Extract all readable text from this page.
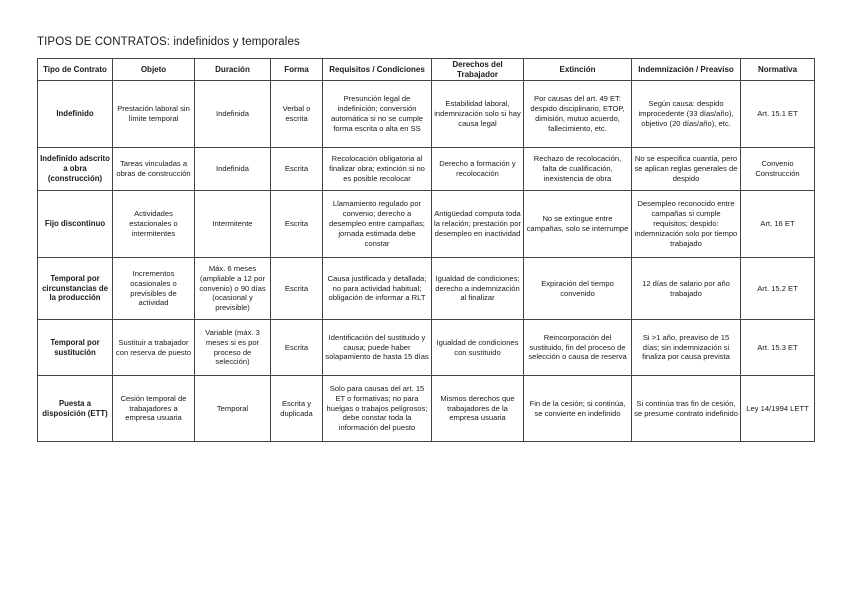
TIPOS DE CONTRATOS: indefinidos y temporales
Tipo de Contrato	Objeto	Duración	Forma	Requisitos / Condiciones	Derechos del Trabajador	Extinción	Indemnización / Preaviso	Normativa
Indefinido	Prestación laboral sin límite temporal	Indefinida	Verbal o escrita	Presunción legal de indefinición; conversión automática si no se cumple forma escrita o alta en SS	Estabilidad laboral, indemnización solo si hay causa legal	Por causas del art. 49 ET: despido disciplinario, ETOP, dimisión, mutuo acuerdo, fallecimiento, etc.	Según causa: despido improcedente (33 días/año), objetivo (20 días/año), etc.	Art. 15.1 ET
Indefinido adscrito a obra (construcción)	Tareas vinculadas a obras de construcción	Indefinida	Escrita	Recolocación obligatoria al finalizar obra; extinción si no es posible recolocar	Derecho a formación y recolocación	Rechazo de recolocación, falta de cualificación, inexistencia de obra	No se especifica cuantía, pero se aplican reglas generales de despido	Convenio Construcción
Fijo discontinuo	Actividades estacionales o intermitentes	Intermitente	Escrita	Llamamiento regulado por convenio; derecho a desempleo entre campañas; jornada estimada debe constar	Antigüedad computa toda la relación; prestación por desempleo en inactividad	No se extingue entre campañas, solo se interrumpe	Desempleo reconocido entre campañas si cumple requisitos; despido: indemnización solo por tiempo trabajado	Art. 16 ET
Temporal por circunstancias de la producción	Incrementos ocasionales o previsibles de actividad	Máx. 6 meses (ampliable a 12 por convenio) o 90 días (ocasional y previsible)	Escrita	Causa justificada y detallada; no para actividad habitual; obligación de informar a RLT	Igualdad de condiciones; derecho a indemnización al finalizar	Expiración del tiempo convenido	12 días de salario por año trabajado	Art. 15.2 ET
Temporal por sustitución	Sustituir a trabajador con reserva de puesto	Variable (máx. 3 meses si es por proceso de selección)	Escrita	Identificación del sustituido y causa; puede haber solapamiento de hasta 15 días	Igualdad de condiciones con sustituido	Reincorporación del sustituido, fin del proceso de selección o causa de reserva	Si >1 año, preaviso de 15 días; sin indemnización si finaliza por causa prevista	Art. 15.3 ET
Puesta a disposición (ETT)	Cesión temporal de trabajadores a empresa usuaria	Temporal	Escrita y duplicada	Solo para causas del art. 15 ET o formativas; no para huelgas o trabajos peligrosos; debe constar toda la información del puesto	Mismos derechos que trabajadores de la empresa usuaria	Fin de la cesión; si continúa, se convierte en indefinido	Si continúa tras fin de cesión, se presume contrato indefinido	Ley 14/1994 LETT
